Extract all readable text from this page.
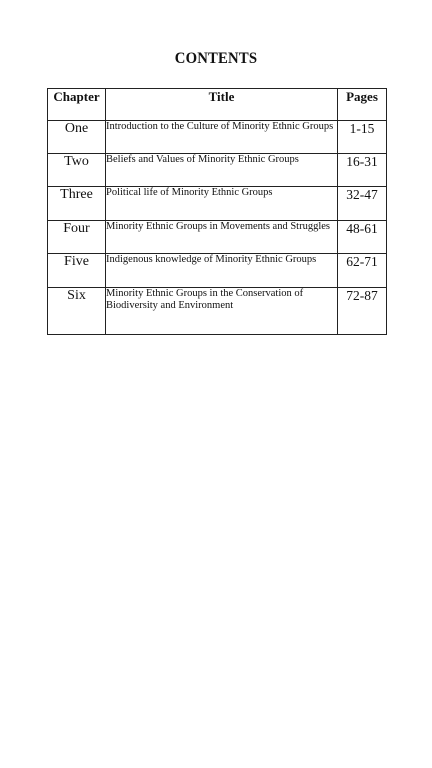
CONTENTS
Chapter	Title	Pages
One	Introduction to the Culture of Minority Ethnic Groups	1-15
Two	Beliefs and Values of Minority Ethnic Groups	16-31
Three	Political life of Minority Ethnic Groups	32-47
Four	Minority Ethnic Groups in Movements and Struggles	48-61
Five	Indigenous knowledge of Minority Ethnic Groups	62-71
Six	Minority Ethnic Groups in the Conservation of Biodiversity and Environment	72-87
